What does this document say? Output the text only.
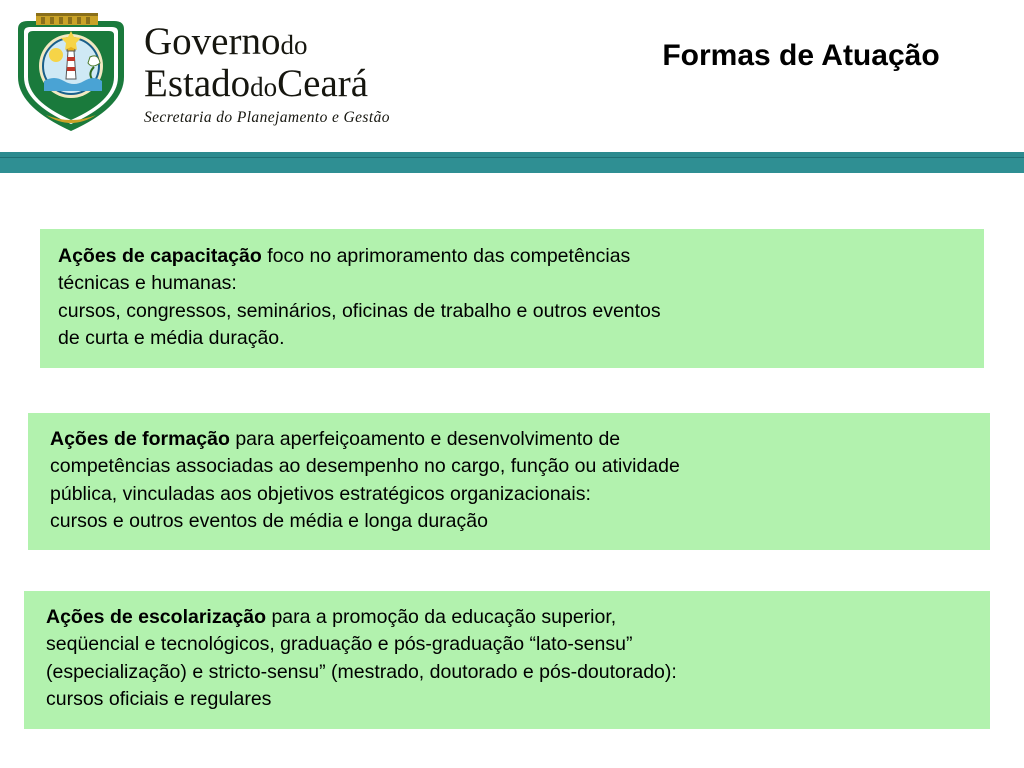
Governodo
EstadodoCeará
Secretaria do Planejamento e Gestão
Formas de Atuação

Ações de capacitação foco no aprimoramento das competências

técnicas e humanas:

cursos, congressos, seminários, oficinas de trabalho e outros eventos

de curta e média duração.

Ações de formação para aperfeiçoamento e desenvolvimento de

competências associadas ao desempenho no cargo, função ou atividade

pública, vinculadas aos objetivos estratégicos organizacionais:

cursos e outros eventos de média e longa duração

Ações de escolarização para a promoção da educação superior,

seqüencial e tecnológicos, graduação e pós-graduação “lato-sensu”

(especialização) e stricto-sensu” (mestrado, doutorado e pós-doutorado):

cursos oficiais e regulares
